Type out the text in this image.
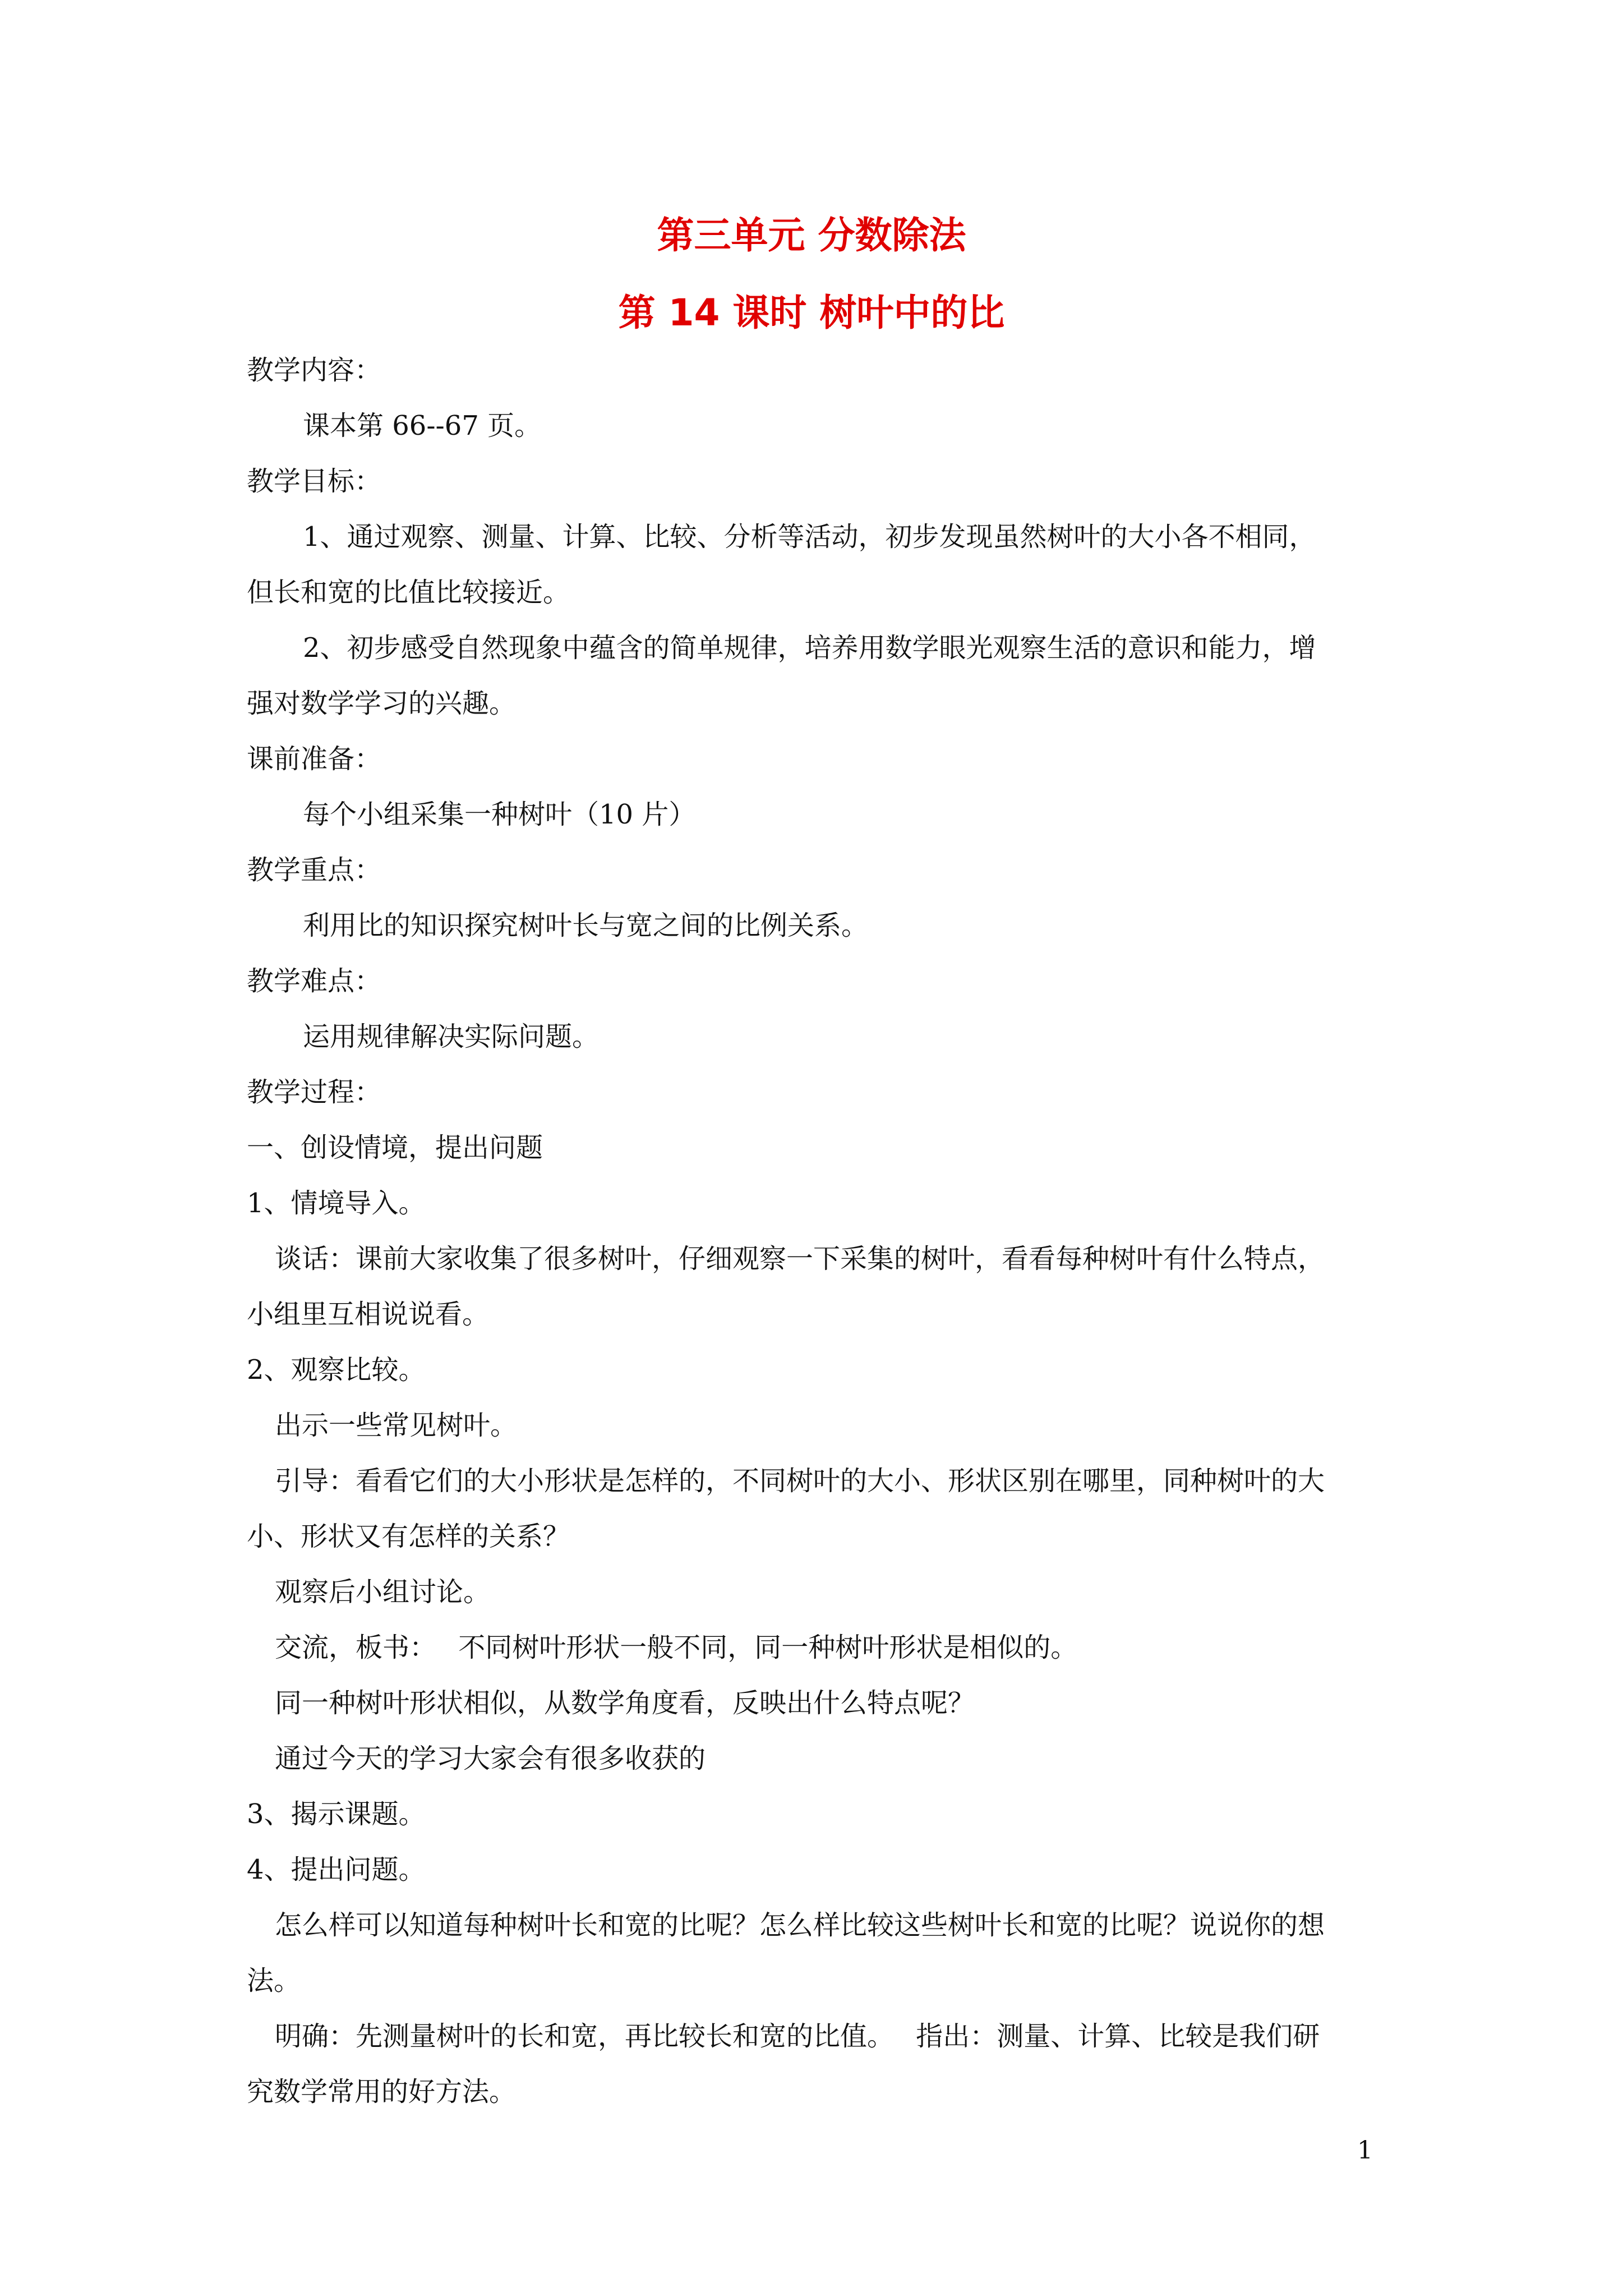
第三单元 分数除法
第 14 课时 树叶中的比
教学内容：
课本第 66--67 页。
教学目标：
1、通过观察、测量、计算、比较、分析等活动，初步发现虽然树叶的大小各不相同，
但长和宽的比值比较接近。
2、初步感受自然现象中蕴含的简单规律，培养用数学眼光观察生活的意识和能力，增
强对数学学习的兴趣。
课前准备：
每个小组采集一种树叶（10 片）
教学重点：
利用比的知识探究树叶长与宽之间的比例关系。
教学难点：
运用规律解决实际问题。
教学过程：
一、创设情境，提出问题
1、情境导入。
谈话：课前大家收集了很多树叶，仔细观察一下采集的树叶，看看每种树叶有什么特点，
小组里互相说说看。
2、观察比较。
出示一些常见树叶。
引导：看看它们的大小形状是怎样的，不同树叶的大小、形状区别在哪里，同种树叶的大
小、形状又有怎样的关系？
观察后小组讨论。
交流，板书：　 不同树叶形状一般不同，同一种树叶形状是相似的。
同一种树叶形状相似，从数学角度看，反映出什么特点呢？
通过今天的学习大家会有很多收获的
3、揭示课题。
4、提出问题。
怎么样可以知道每种树叶长和宽的比呢？怎么样比较这些树叶长和宽的比呢？说说你的想
法。
明确：先测量树叶的长和宽，再比较长和宽的比值。　 指出：测量、计算、比较是我们研
究数学常用的好方法。
1
